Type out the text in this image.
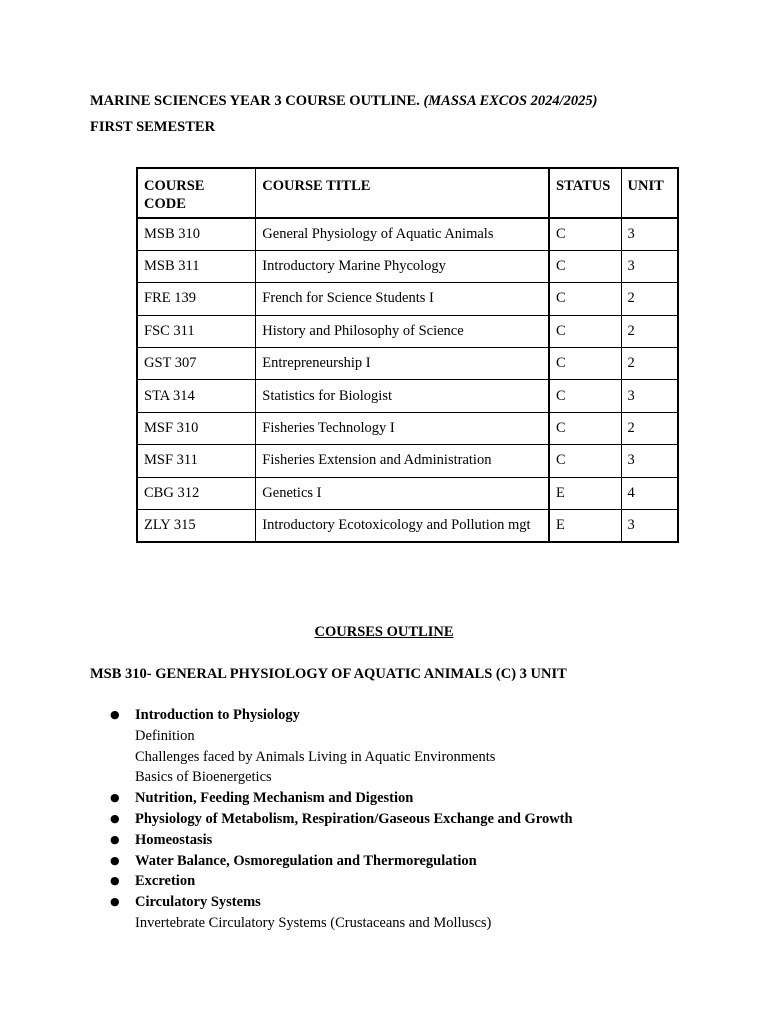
MARINE SCIENCES YEAR 3 COURSE OUTLINE. (MASSA EXCOS 2024/2025)
FIRST SEMESTER
COURSE CODE	COURSE TITLE	STATUS	UNIT
MSB 310	General Physiology of Aquatic Animals	C	3
MSB 311	Introductory Marine Phycology	C	3
FRE 139	French for Science Students I	C	2
FSC 311	History and Philosophy of Science	C	2
GST 307	Entrepreneurship I	C	2
STA 314	Statistics for Biologist	C	3
MSF 310	Fisheries Technology I	C	2
MSF 311	Fisheries Extension and Administration	C	3
CBG 312	Genetics I	E	4
ZLY 315	Introductory Ecotoxicology and Pollution mgt	E	3
COURSES OUTLINE
MSB 310- GENERAL PHYSIOLOGY OF AQUATIC ANIMALS (C) 3 UNIT
●	Introduction to Physiology
Definition
Challenges faced by Animals Living in Aquatic Environments
Basics of Bioenergetics
●	Nutrition, Feeding Mechanism and Digestion
●	Physiology of Metabolism, Respiration/Gaseous Exchange and Growth
●	Homeostasis
●	Water Balance, Osmoregulation and Thermoregulation
●	Excretion
●	Circulatory Systems
Invertebrate Circulatory Systems (Crustaceans and Molluscs)
